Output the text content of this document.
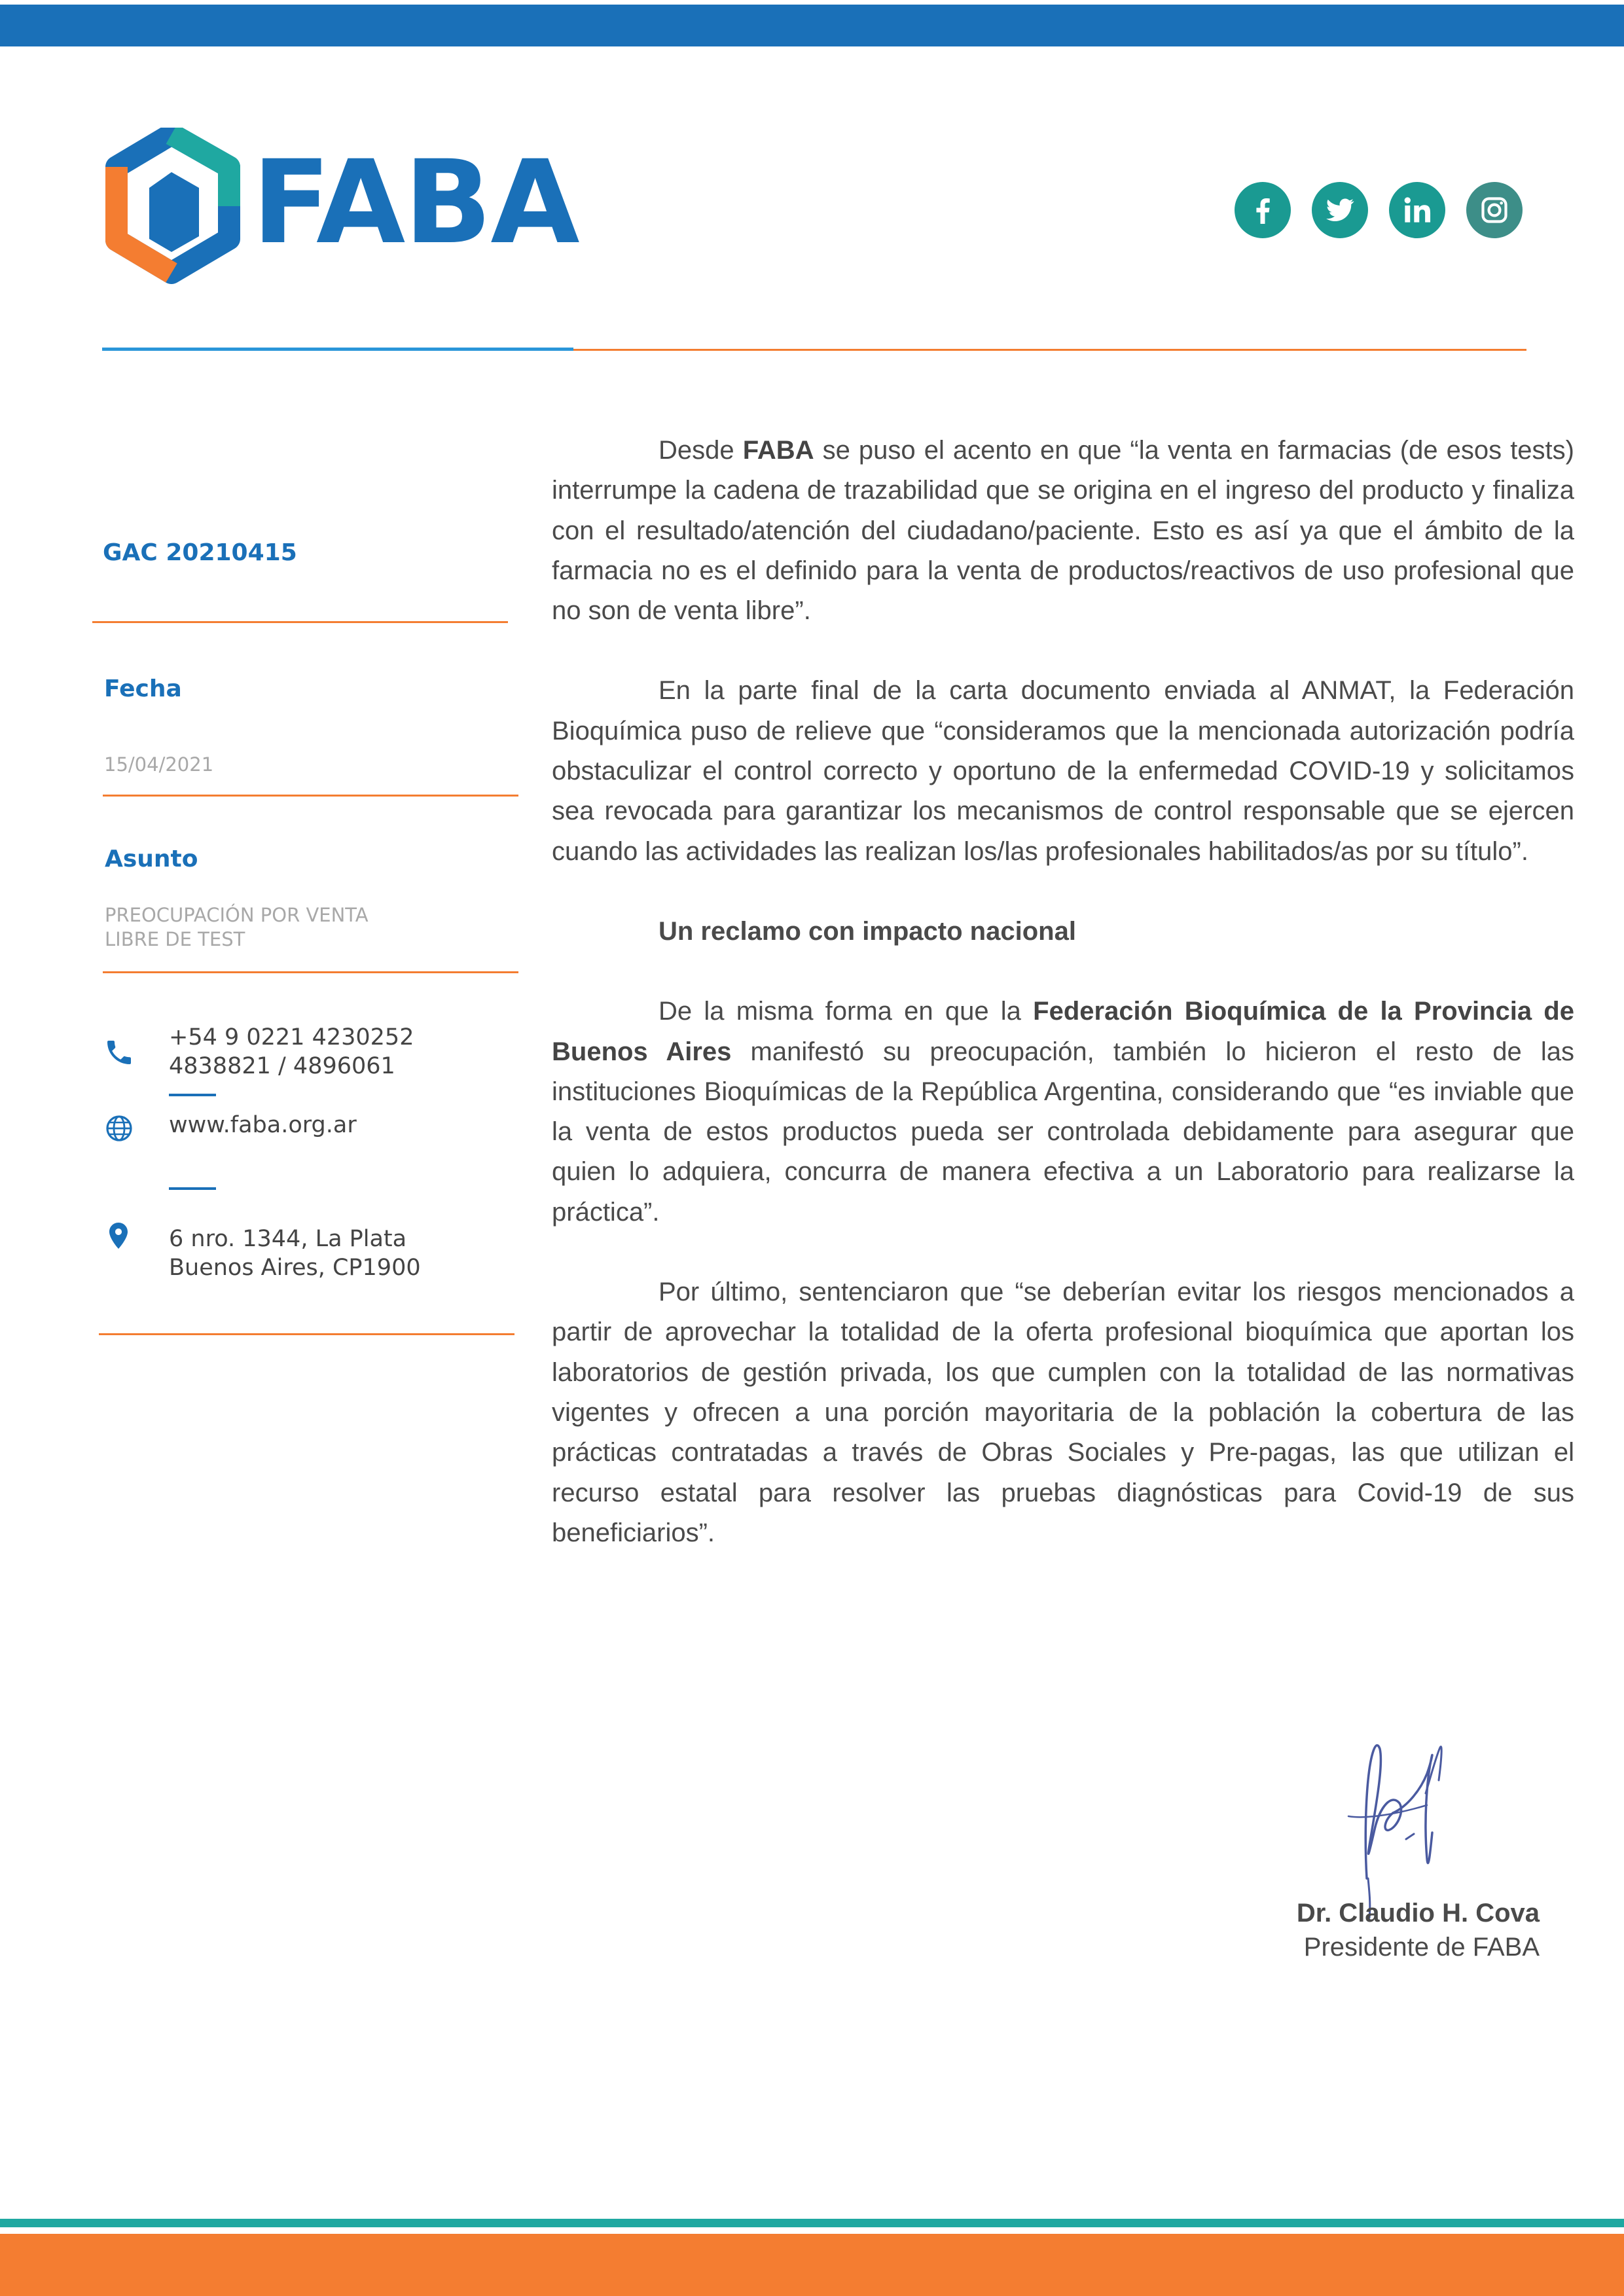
FABA
GAC 20210415
Fecha
15/04/2021
Asunto
PREOCUPACIÓN POR VENTA
LIBRE DE TEST
+54 9 0221 4230252
4838821 / 4896061
www.faba.org.ar
6 nro. 1344, La Plata
Buenos Aires, CP1900

Desde FABA se puso el acento en que “la venta en farmacias (de esos tests) interrumpe la cadena de trazabilidad que se origina en el ingreso del producto y finaliza con el resultado/atención del ciudadano/paciente. Esto es así ya que el ámbito de la farmacia no es el definido para la venta de productos/reactivos de uso profesional que no son de venta libre”.

En la parte final de la carta documento enviada al ANMAT, la Federación Bioquímica puso de relieve que “consideramos que la mencionada autorización podría obstaculizar el control correcto y oportuno de la enfermedad COVID-19 y solicitamos sea revocada para garantizar los mecanismos de control responsable que se ejercen cuando las actividades las realizan los/las profesionales habilitados/as por su título”.

Un reclamo con impacto nacional

De la misma forma en que la Federación Bioquímica de la Provincia de Buenos Aires manifestó su preocupación, también lo hicieron el resto de las instituciones Bioquímicas de la República Argentina, considerando que “es inviable que la venta de estos productos pueda ser controlada debidamente para asegurar que quien lo adquiera, concurra de manera efectiva a un Laboratorio para realizarse la práctica”.

Por último, sentenciaron que “se deberían evitar los riesgos mencionados a partir de aprovechar la totalidad de la oferta profesional bioquímica que aportan los laboratorios de gestión privada, los que cumplen con la totalidad de las normativas vigentes y ofrecen a una porción mayoritaria de la población la cobertura de las prácticas contratadas a través de Obras Sociales y Pre-pagas, las que utilizan el recurso estatal para resolver las pruebas diagnósticas para Covid-19 de sus beneficiarios”.

Dr. Claudio H. Cova
Presidente de FABA
